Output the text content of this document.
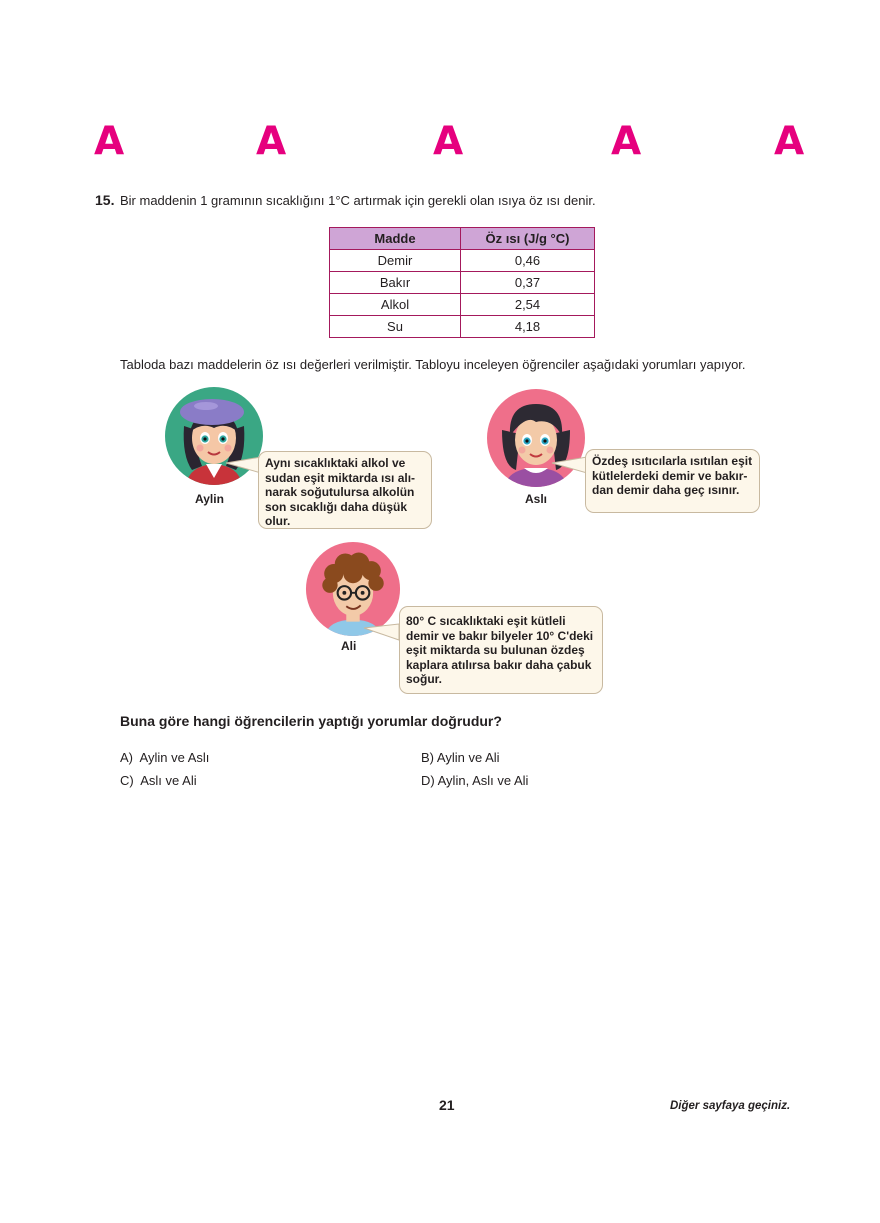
A	A	A	A	A
15. Bir maddenin 1 gramının sıcaklığını 1°C artırmak için gerekli olan ısıya öz ısı denir.
Madde	Öz ısı (J/g °C)
Demir	0,46
Bakır	0,37
Alkol	2,54
Su	4,18
Tabloda bazı maddelerin öz ısı değerleri verilmiştir. Tabloyu inceleyen öğrenciler aşağıdaki yorumları yapıyor.
Aylin
Aynı sıcaklıktaki alkol ve
sudan eşit miktarda ısı alı-
narak soğutulursa alkolün
son sıcaklığı daha düşük
olur.
Aslı
Özdeş ısıtıcılarla ısıtılan eşit
kütlelerdeki demir ve bakır-
dan demir daha geç ısınır.
Ali
80° C sıcaklıktaki eşit kütleli
demir ve bakır bilyeler 10° C'deki
eşit miktarda su bulunan özdeş
kaplara atılırsa bakır daha çabuk
soğur.
Buna göre hangi öğrencilerin yaptığı yorumlar doğrudur?
A) Aylin ve Aslı	B) Aylin ve Ali
C) Aslı ve Ali	D) Aylin, Aslı ve Ali
21	Diğer sayfaya geçiniz.
